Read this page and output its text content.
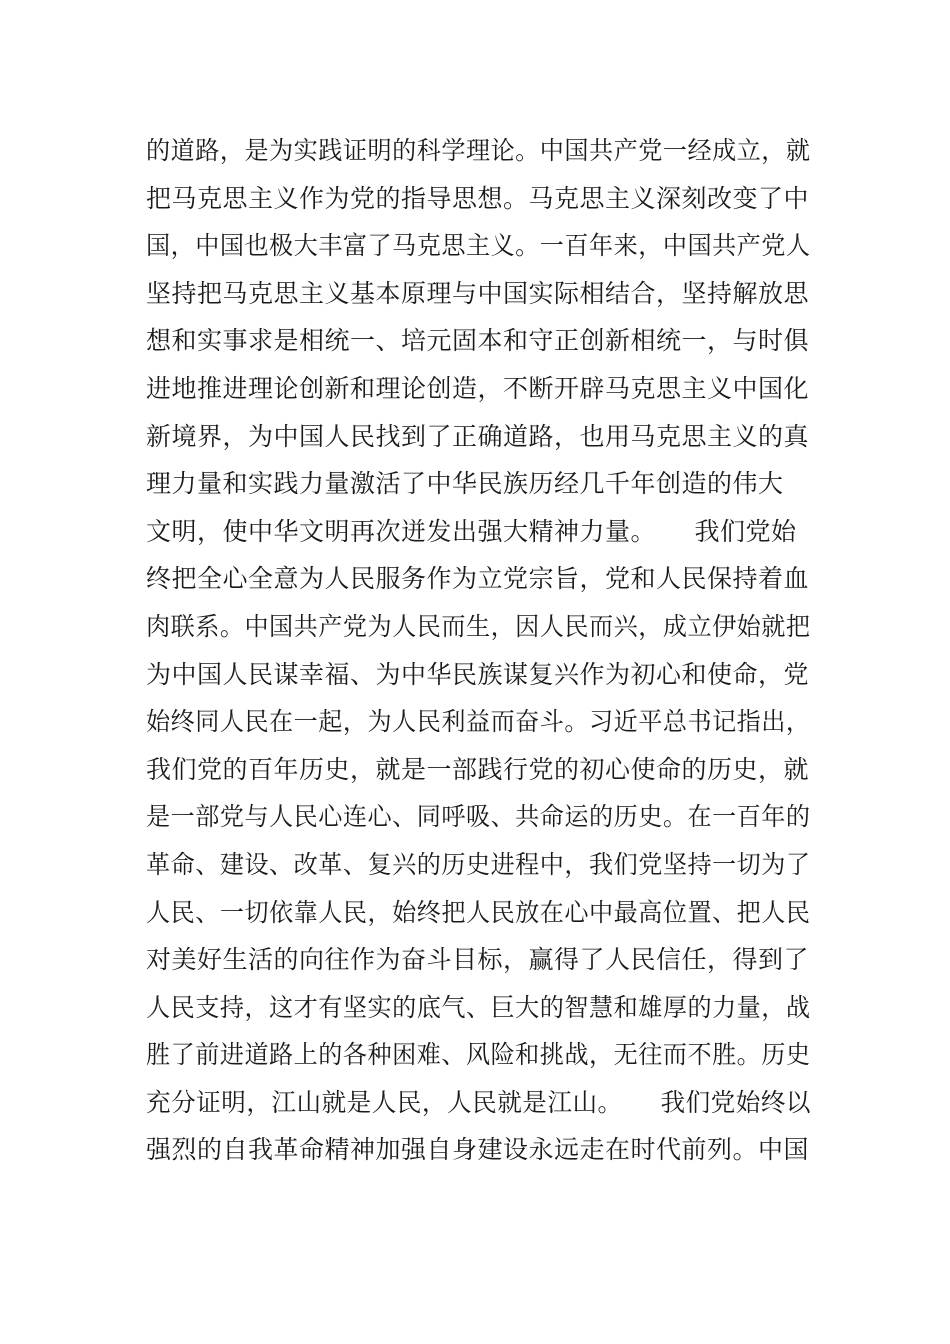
的道路，是为实践证明的科学理论。中国共产党一经成立，就
把马克思主义作为党的指导思想。马克思主义深刻改变了中
国，中国也极大丰富了马克思主义。一百年来，中国共产党人
坚持把马克思主义基本原理与中国实际相结合，坚持解放思
想和实事求是相统一、培元固本和守正创新相统一，与时俱
进地推进理论创新和理论创造，不断开辟马克思主义中国化
新境界，为中国人民找到了正确道路，也用马克思主义的真
理力量和实践力量激活了中华民族历经几千年创造的伟大
文明，使中华文明再次迸发出强大精神力量。　　我们党始
终把全心全意为人民服务作为立党宗旨，党和人民保持着血
肉联系。中国共产党为人民而生，因人民而兴，成立伊始就把
为中国人民谋幸福、为中华民族谋复兴作为初心和使命，党
始终同人民在一起，为人民利益而奋斗。习近平总书记指出，
我们党的百年历史，就是一部践行党的初心使命的历史，就
是一部党与人民心连心、同呼吸、共命运的历史。在一百年的
革命、建设、改革、复兴的历史进程中，我们党坚持一切为了
人民、一切依靠人民，始终把人民放在心中最高位置、把人民
对美好生活的向往作为奋斗目标，赢得了人民信任，得到了
人民支持，这才有坚实的底气、巨大的智慧和雄厚的力量，战
胜了前进道路上的各种困难、风险和挑战，无往而不胜。历史
充分证明，江山就是人民，人民就是江山。　　我们党始终以
强烈的自我革命精神加强自身建设永远走在时代前列。中国
